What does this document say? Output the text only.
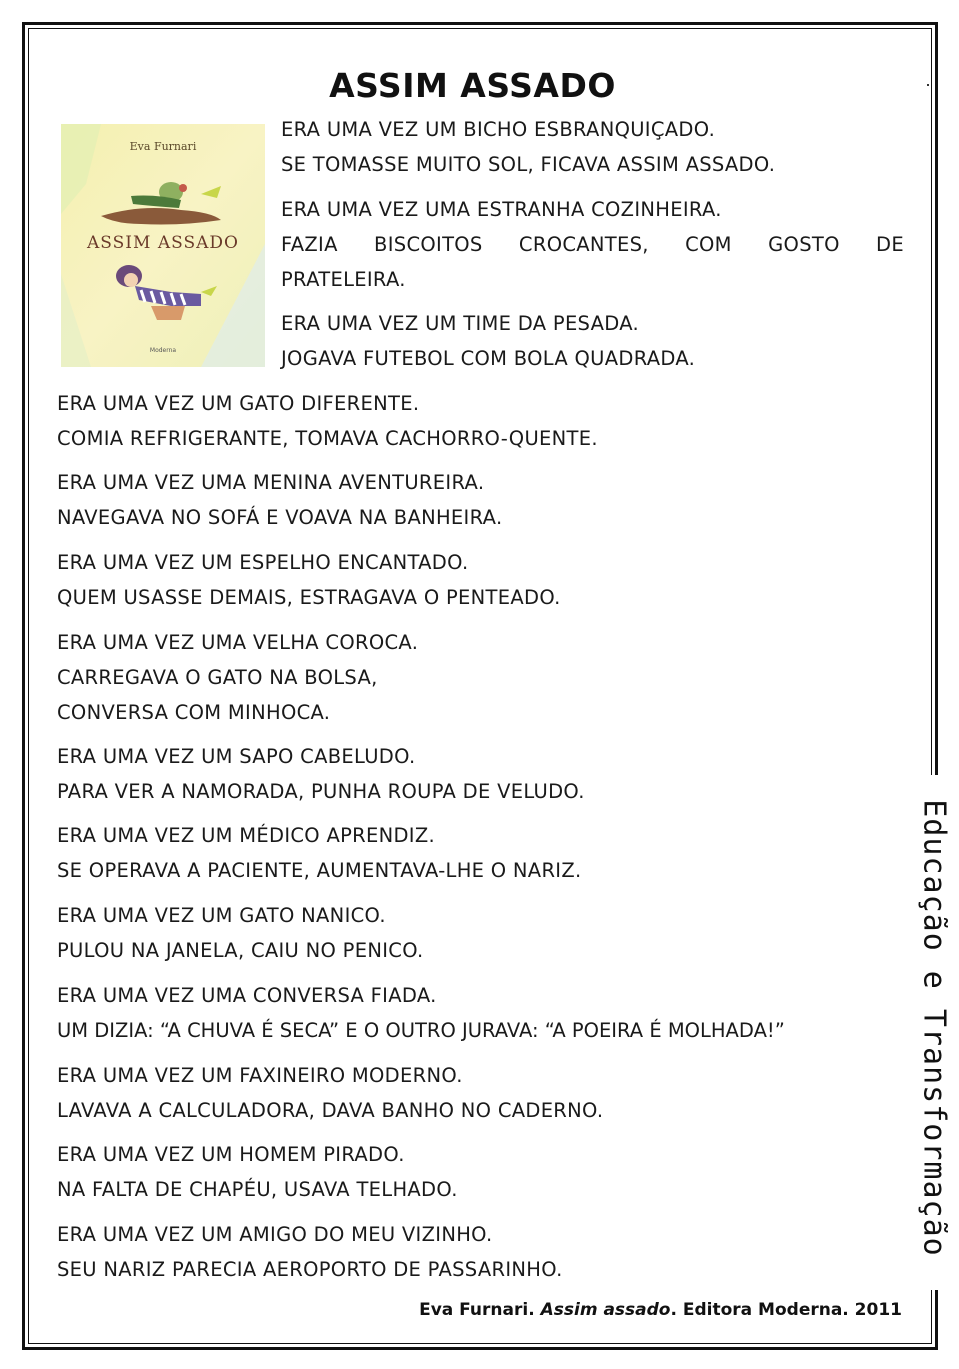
ASSIM ASSADO
Eva Furnari
ASSIM ASSADO
Moderna
ERA UMA VEZ UM BICHO ESBRANQUIÇADO.
SE TOMASSE MUITO SOL, FICAVA ASSIM ASSADO.
ERA UMA VEZ UMA ESTRANHA COZINHEIRA.
FAZIA BISCOITOS CROCANTES, COM GOSTO DE
PRATELEIRA.
ERA UMA VEZ UM TIME DA PESADA.
JOGAVA FUTEBOL COM BOLA QUADRADA.
ERA UMA VEZ UM GATO DIFERENTE.
COMIA REFRIGERANTE, TOMAVA CACHORRO-QUENTE.
ERA UMA VEZ UMA MENINA AVENTUREIRA.
NAVEGAVA NO SOFÁ E VOAVA NA BANHEIRA.
ERA UMA VEZ UM ESPELHO ENCANTADO.
QUEM USASSE DEMAIS, ESTRAGAVA O PENTEADO.
ERA UMA VEZ UMA VELHA COROCA.
CARREGAVA O GATO NA BOLSA,
CONVERSA COM MINHOCA.
ERA UMA VEZ UM SAPO CABELUDO.
PARA VER A NAMORADA, PUNHA ROUPA DE VELUDO.
ERA UMA VEZ UM MÉDICO APRENDIZ.
SE OPERAVA A PACIENTE, AUMENTAVA-LHE O NARIZ.
ERA UMA VEZ UM GATO NANICO.
PULOU NA JANELA, CAIU NO PENICO.
ERA UMA VEZ UMA CONVERSA FIADA.
UM DIZIA: “A CHUVA É SECA” E O OUTRO JURAVA: “A POEIRA É MOLHADA!”
ERA UMA VEZ UM FAXINEIRO MODERNO.
LAVAVA A CALCULADORA, DAVA BANHO NO CADERNO.
ERA UMA VEZ UM HOMEM PIRADO.
NA FALTA DE CHAPÉU, USAVA TELHADO.
ERA UMA VEZ UM AMIGO DO MEU VIZINHO.
SEU NARIZ PARECIA AEROPORTO DE PASSARINHO.
Eva Furnari. Assim assado. Editora Moderna. 2011
Educação e Transformação
